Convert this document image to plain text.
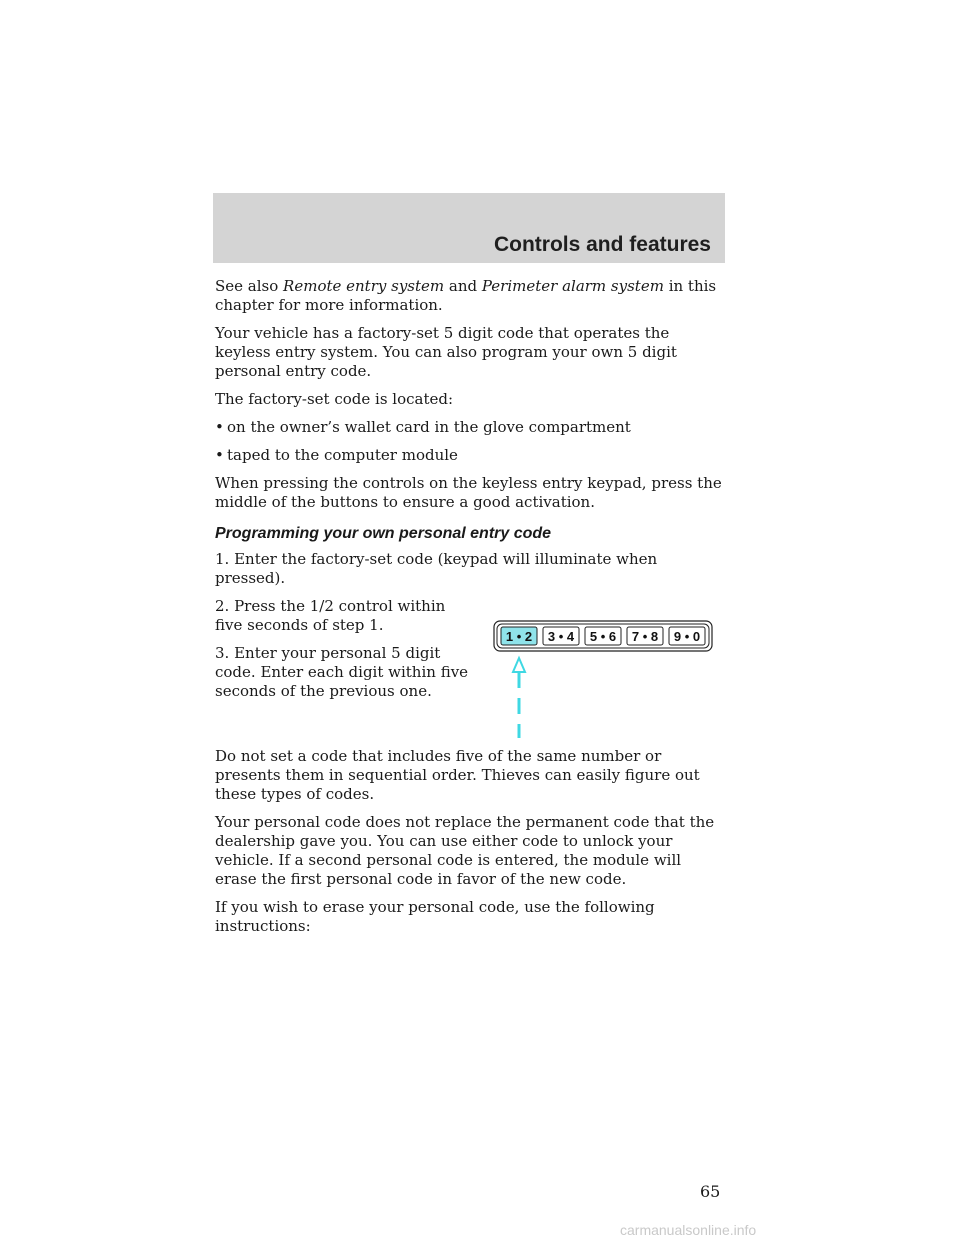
Controls and features

See also Remote entry system and Perimeter alarm system in this chapter for more information.

Your vehicle has a factory-set 5 digit code that operates the keyless entry system. You can also program your own 5 digit personal entry code.

The factory-set code is located:

• on the owner’s wallet card in the glove compartment
• taped to the computer module

When pressing the controls on the keyless entry keypad, press the middle of the buttons to ensure a good activation.

Programming your own personal entry code

1. Enter the factory-set code (keypad will illuminate when pressed).

2. Press the 1/2 control within five seconds of step 1.

3. Enter your personal 5 digit code. Enter each digit within five seconds of the previous one.

1 • 2 3 • 4 5 • 6 7 • 8 9 • 0

Do not set a code that includes five of the same number or presents them in sequential order. Thieves can easily figure out these types of codes.

Your personal code does not replace the permanent code that the dealership gave you. You can use either code to unlock your vehicle. If a second personal code is entered, the module will erase the first personal code in favor of the new code.

If you wish to erase your personal code, use the following instructions:

65
carmanualsonline.info
